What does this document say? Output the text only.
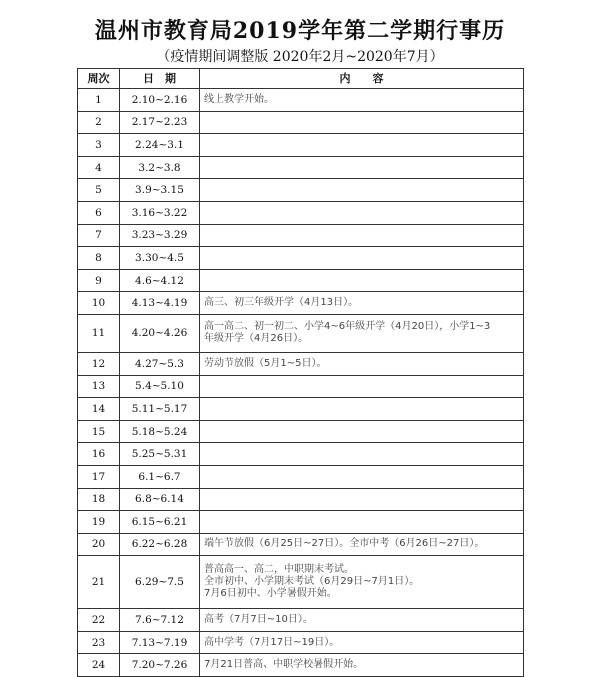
温州市教育局2019学年第二学期行事历
（疫情期间调整版 2020年2月~2020年7月）
周次	日　期	内　　容
1	2.10~2.16	线上教学开始。

2	2.17~2.23	
3	2.24~3.1	
4	3.2~3.8	
5	3.9~3.15	
6	3.16~3.22	
7	3.23~3.29	
8	3.30~4.5	
9	4.6~4.12	
10	4.13~4.19	高三、初三年级开学（4月13日）。

11	4.20~4.26	高一高二、初一初二、小学4~6年级开学（4月20日），小学1~3
年级开学（4月26日）。

12	4.27~5.3	劳动节放假（5月1~5日）。

13	5.4~5.10	
14	5.11~5.17	
15	5.18~5.24	
16	5.25~5.31	
17	6.1~6.7	
18	6.8~6.14	
19	6.15~6.21	
20	6.22~6.28	端午节放假（6月25日~27日）。全市中考（6月26日~27日）。

21	6.29~7.5	普高高一、高二，中职期末考试。
全市初中、小学期末考试（6月29日~7月1日）。
7月6日初中、小学暑假开始。

22	7.6~7.12	高考（7月7日~10日）。

23	7.13~7.19	高中学考（7月17日~19日）。

24	7.20~7.26	7月21日普高、中职学校暑假开始。
